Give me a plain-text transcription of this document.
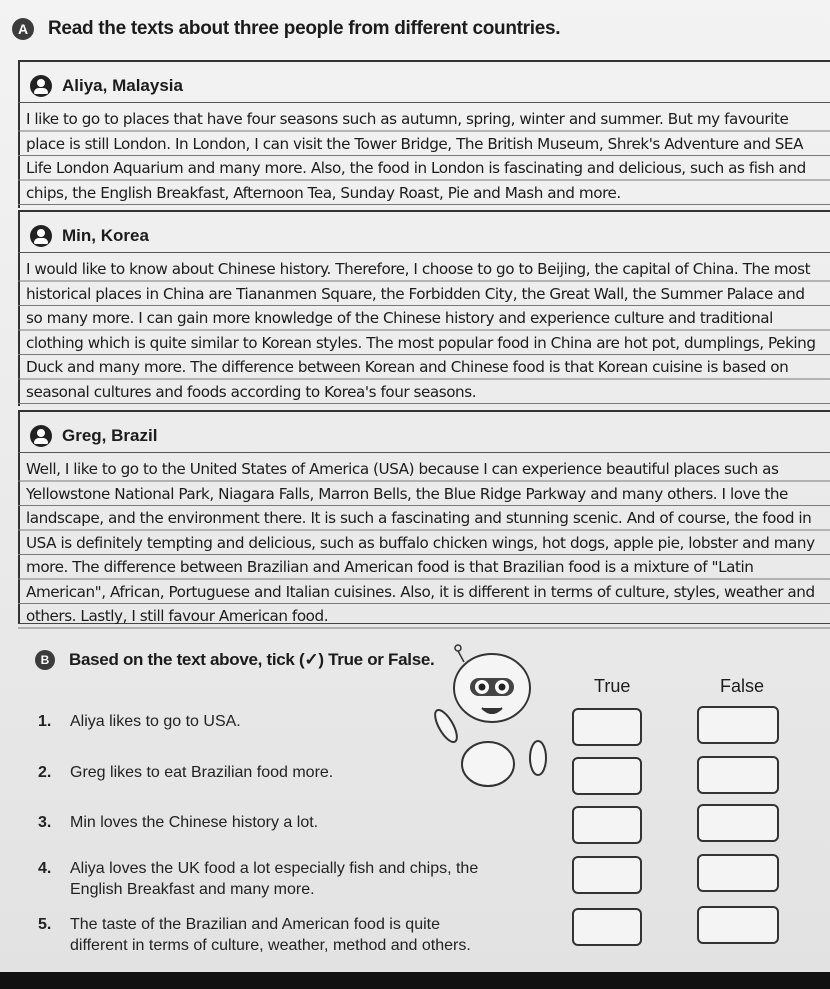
A	Read the texts about three people from different countries.
Aliya, Malaysia
I like to go to places that have four seasons such as autumn, spring, winter and summer. But my favourite place is still London. In London, I can visit the Tower Bridge, The British Museum, Shrek's Adventure and SEA Life London Aquarium and many more. Also, the food in London is fascinating and delicious, such as fish and chips, the English Breakfast, Afternoon Tea, Sunday Roast, Pie and Mash and more.
Min, Korea
I would like to know about Chinese history. Therefore, I choose to go to Beijing, the capital of China. The most historical places in China are Tiananmen Square, the Forbidden City, the Great Wall, the Summer Palace and so many more. I can gain more knowledge of the Chinese history and experience culture and traditional clothing which is quite similar to Korean styles. The most popular food in China are hot pot, dumplings, Peking Duck and many more. The difference between Korean and Chinese food is that Korean cuisine is based on seasonal cultures and foods according to Korea's four seasons.
Greg, Brazil
Well, I like to go to the United States of America (USA) because I can experience beautiful places such as Yellowstone National Park, Niagara Falls, Marron Bells, the Blue Ridge Parkway and many others. I love the landscape, and the environment there. It is such a fascinating and stunning scenic. And of course, the food in USA is definitely tempting and delicious, such as buffalo chicken wings, hot dogs, apple pie, lobster and many more. The difference between Brazilian and American food is that Brazilian food is a mixture of "Latin American", African, Portuguese and Italian cuisines. Also, it is different in terms of culture, styles, weather and others. Lastly, I still favour American food.
B	Based on the text above, tick (✓) True or False.
True	False
1. Aliya likes to go to USA.
2. Greg likes to eat Brazilian food more.
3. Min loves the Chinese history a lot.
4. Aliya loves the UK food a lot especially fish and chips, the English Breakfast and many more.
5. The taste of the Brazilian and American food is quite different in terms of culture, weather, method and others.
